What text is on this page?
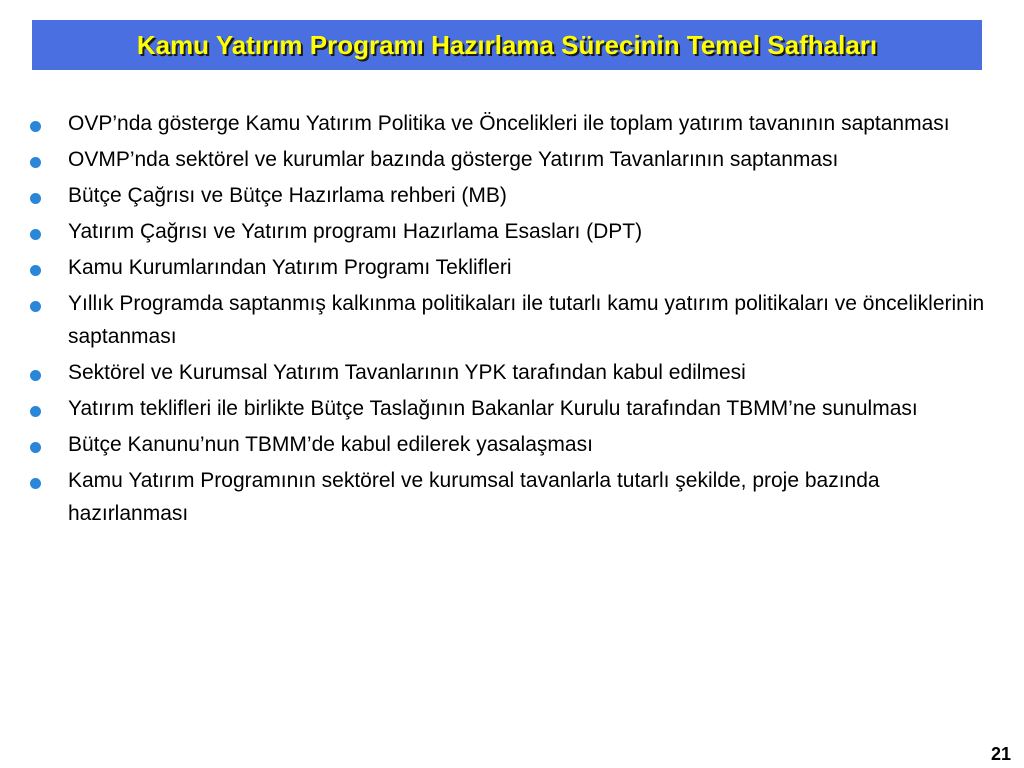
Kamu Yatırım Programı Hazırlama Sürecinin Temel Safhaları
OVP’nda gösterge Kamu Yatırım Politika ve Öncelikleri ile toplam yatırım tavanının saptanması
OVMP’nda sektörel ve kurumlar bazında gösterge Yatırım Tavanlarının saptanması
Bütçe Çağrısı ve Bütçe Hazırlama rehberi (MB)
Yatırım Çağrısı ve Yatırım programı Hazırlama Esasları (DPT)
Kamu Kurumlarından Yatırım Programı Teklifleri
Yıllık Programda saptanmış kalkınma politikaları ile tutarlı kamu yatırım politikaları ve önceliklerinin saptanması
Sektörel ve Kurumsal Yatırım Tavanlarının YPK tarafından kabul edilmesi
Yatırım teklifleri ile birlikte Bütçe Taslağının Bakanlar Kurulu tarafından TBMM’ne sunulması
Bütçe Kanunu’nun TBMM’de kabul edilerek yasalaşması
Kamu Yatırım Programının sektörel ve kurumsal tavanlarla tutarlı şekilde, proje bazında hazırlanması
21
